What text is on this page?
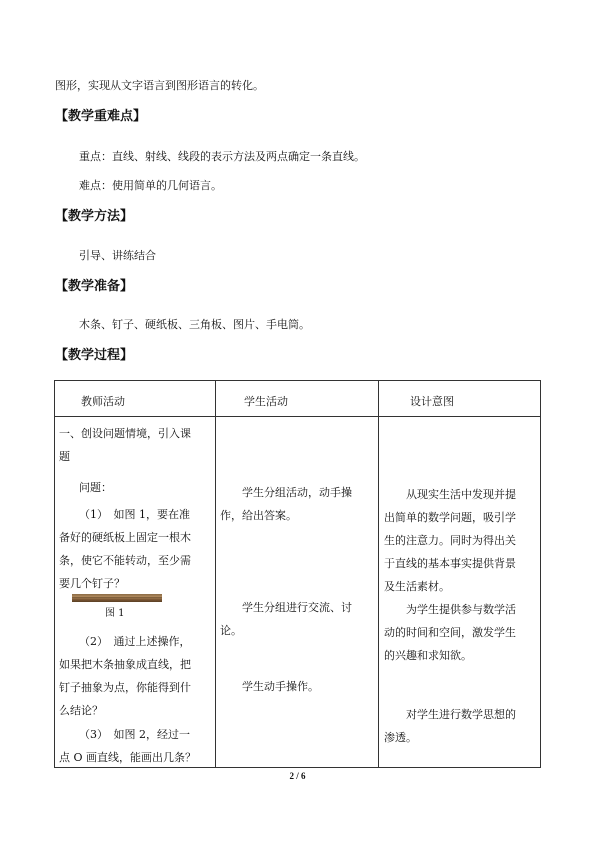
图形，实现从文字语言到图形语言的转化。
【教学重难点】
重点：直线、射线、线段的表示方法及两点确定一条直线。
难点：使用简单的几何语言。
【教学方法】
引导、讲练结合
【教学准备】
木条、钉子、硬纸板、三角板、图片、手电筒。
【教学过程】
教师活动	学生活动	设计意图

一、创设问题情境，引入课

题

问题：

（1）　如图 1，要在准

备好的硬纸板上固定一根木

条，使它不能转动，至少需

要几个钉子？

图 1

（2）　通过上述操作，

如果把木条抽象成直线，把

钉子抽象为点，你能得到什

么结论？

（3）　如图 2，经过一

点 O 画直线，能画出几条？

学生分组活动，动手操

作，给出答案。

学生分组进行交流、讨

论。

学生动手操作。

从现实生活中发现并提

出简单的数学问题，吸引学

生的注意力。同时为得出关

于直线的基本事实提供背景

及生活素材。

为学生提供参与数学活

动的时间和空间，激发学生

的兴趣和求知欲。

对学生进行数学思想的

渗透。

2 / 6
